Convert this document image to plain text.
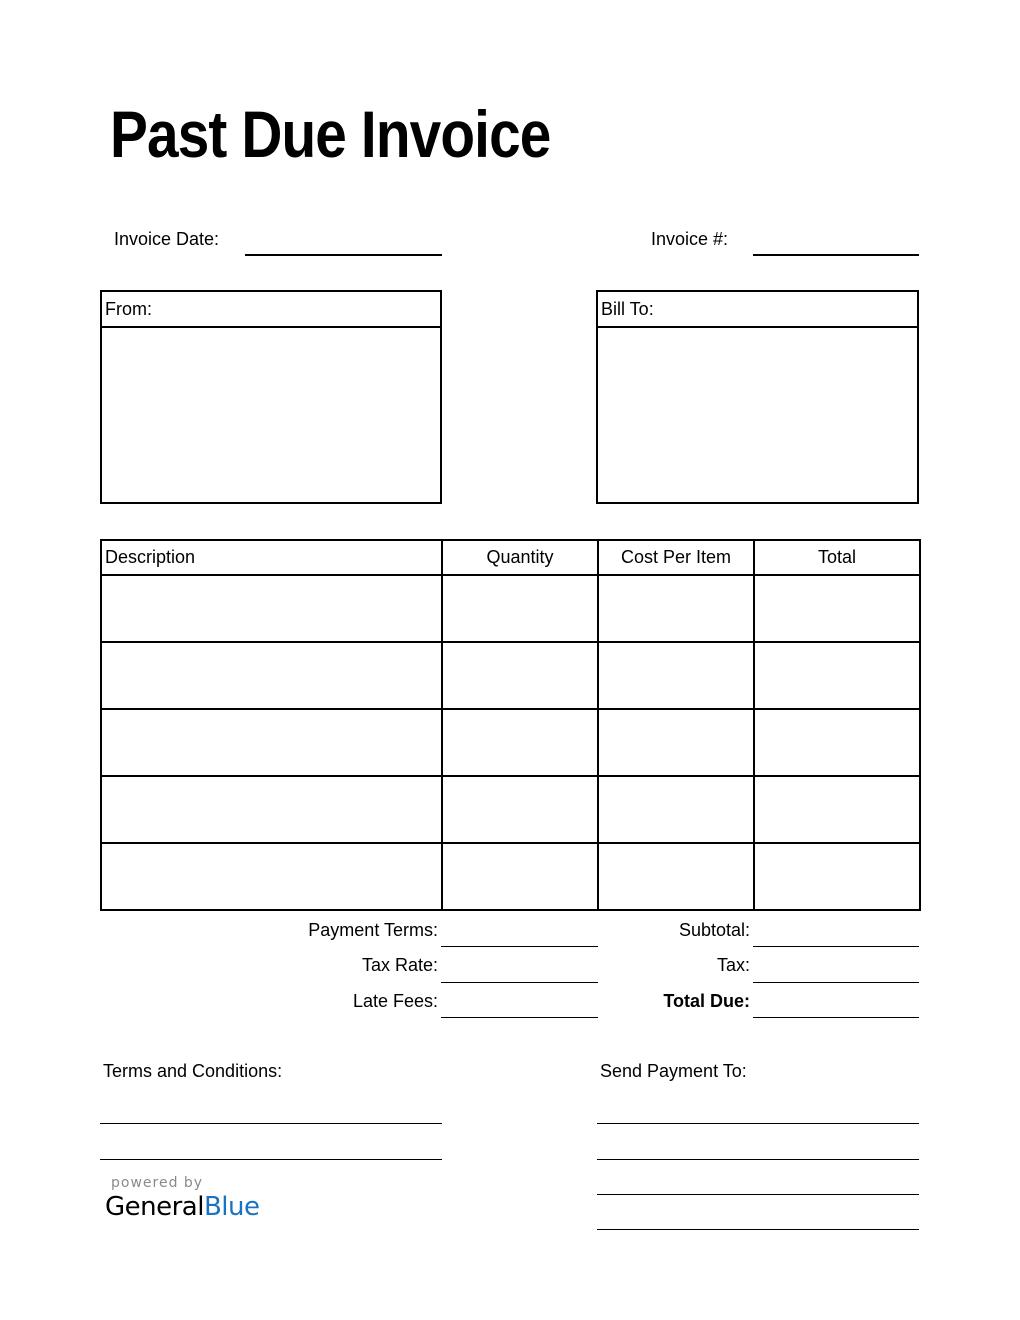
Past Due Invoice
Invoice Date:	Invoice #:
From:	Bill To:
Description	Quantity	Cost Per Item	Total

Payment Terms:
Tax Rate:
Late Fees:
Subtotal:
Tax:
Total Due:
Terms and Conditions:	Send Payment To:
powered by
GeneralBlue
